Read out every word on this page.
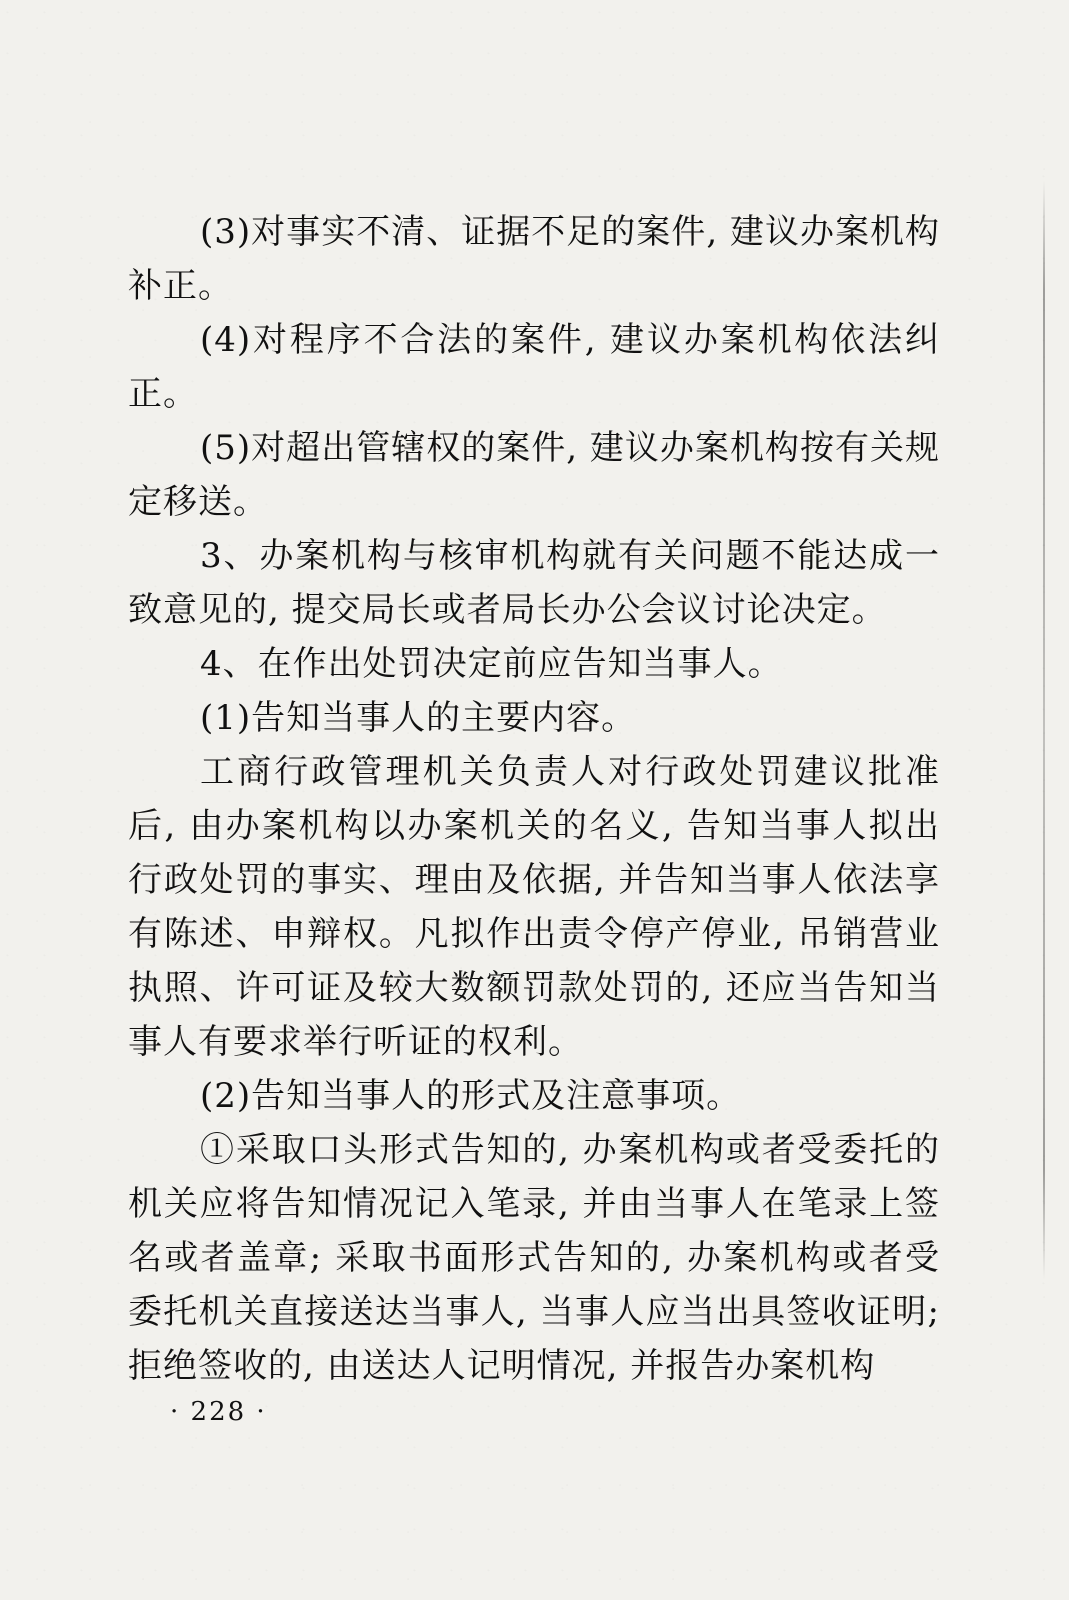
(3)对事实不清、证据不足的案件, 建议办案机构补正。

(4)对程序不合法的案件, 建议办案机构依法纠正。

(5)对超出管辖权的案件, 建议办案机构按有关规定移送。

3、办案机构与核审机构就有关问题不能达成一致意见的, 提交局长或者局长办公会议讨论决定。

4、在作出处罚决定前应告知当事人。

(1)告知当事人的主要内容。

工商行政管理机关负责人对行政处罚建议批准后, 由办案机构以办案机关的名义, 告知当事人拟出行政处罚的事实、理由及依据, 并告知当事人依法享有陈述、申辩权。凡拟作出责令停产停业, 吊销营业执照、许可证及较大数额罚款处罚的, 还应当告知当事人有要求举行听证的权利。

(2)告知当事人的形式及注意事项。

①采取口头形式告知的, 办案机构或者受委托的机关应将告知情况记入笔录, 并由当事人在笔录上签名或者盖章; 采取书面形式告知的, 办案机构或者受委托机关直接送达当事人, 当事人应当出具签收证明; 拒绝签收的, 由送达人记明情况, 并报告办案机构

· 228 ·
